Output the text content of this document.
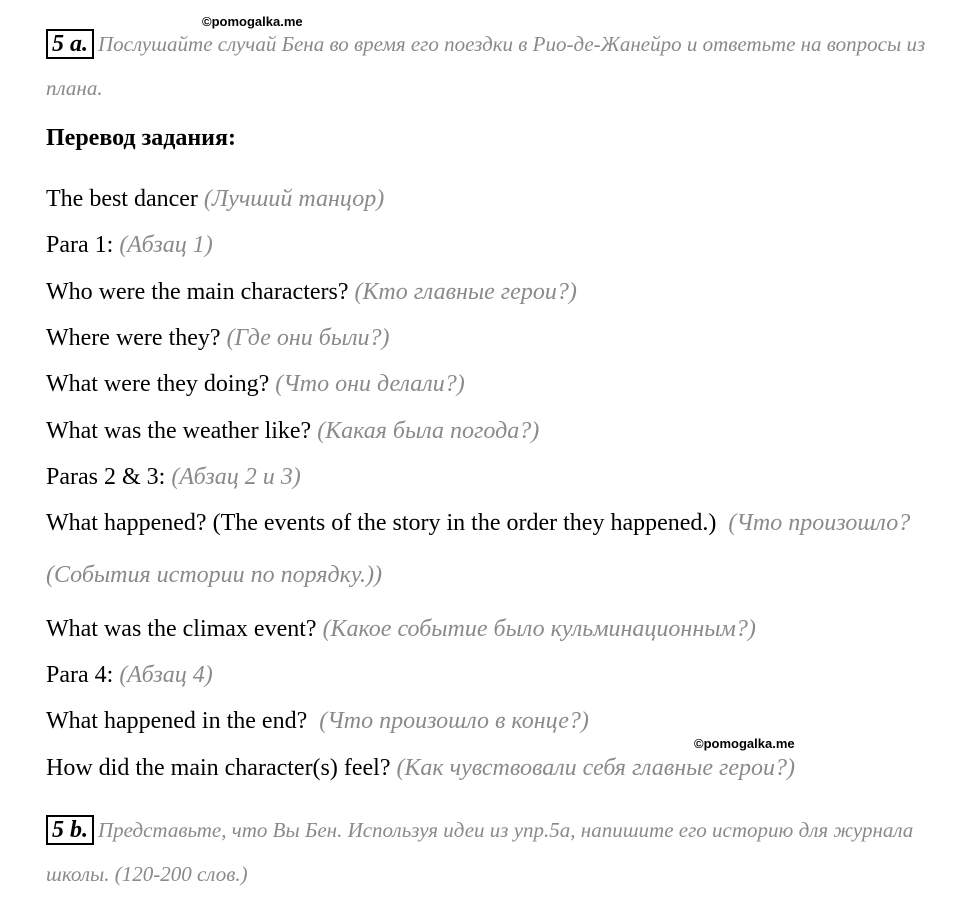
©pomogalka.me
5 a. Послушайте случай Бена во время его поездки в Рио-де-Жанейро и ответьте на вопросы из плана.
Перевод задания:
The best dancer (Лучший танцор)
Para 1: (Абзац 1)
Who were the main characters? (Кто главные герои?)
Where were they? (Где они были?)
What were they doing? (Что они делали?)
What was the weather like? (Какая была погода?)
Paras 2 & 3: (Абзац 2 и 3)
What happened? (The events of the story in the order they happened.) (Что произошло? (События истории по порядку.))
What was the climax event? (Какое событие было кульминационным?)
Para 4: (Абзац 4)
What happened in the end? (Что произошло в конце?)
©pomogalka.me
How did the main character(s) feel? (Как чувствовали себя главные герои?)
5 b. Представьте, что Вы Бен. Используя идеи из упр.5а, напишите его историю для журнала школы. (120-200 слов.)
